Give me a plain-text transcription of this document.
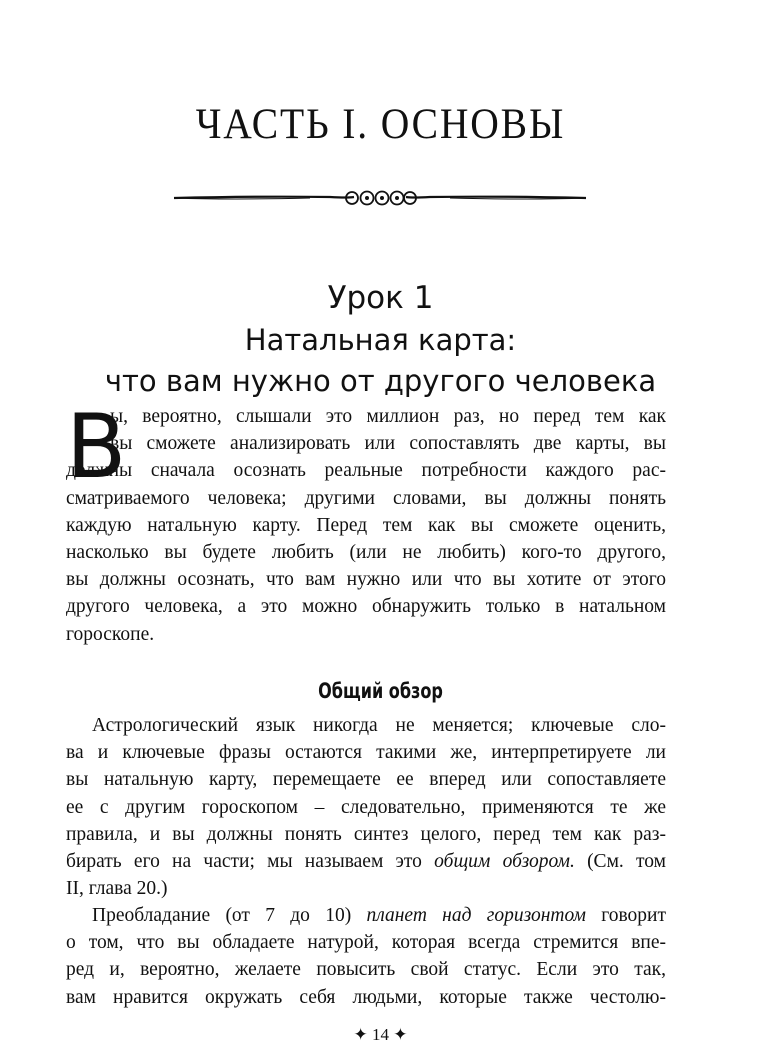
ЧАСТЬ I. ОСНОВЫ
Урок 1
Натальная карта:
что вам нужно от другого человека
В
ы, вероятно, слышали это миллион раз, но перед тем как
вы сможете анализировать или сопоставлять две карты, вы
должны сначала осознать реальные потребности каждого рас-
сматриваемого человека; другими словами, вы должны понять
каждую натальную карту. Перед тем как вы сможете оценить,
насколько вы будете любить (или не любить) кого-то другого,
вы должны осознать, что вам нужно или что вы хотите от этого
другого человека, а это можно обнаружить только в натальном
гороскопе.
Общий обзор
Астрологический язык никогда не меняется; ключевые сло-
ва и ключевые фразы остаются такими же, интерпретируете ли
вы натальную карту, перемещаете ее вперед или сопоставляете
ее с другим гороскопом – следовательно, применяются те же
правила, и вы должны понять синтез целого, перед тем как раз-
бирать его на части; мы называем это общим обзором. (См. том
II, глава 20.)
Преобладание (от 7 до 10) планет над горизонтом говорит
о том, что вы обладаете натурой, которая всегда стремится впе-
ред и, вероятно, желаете повысить свой статус. Если это так,
вам нравится окружать себя людьми, которые также честолю-
✦ 14 ✦
